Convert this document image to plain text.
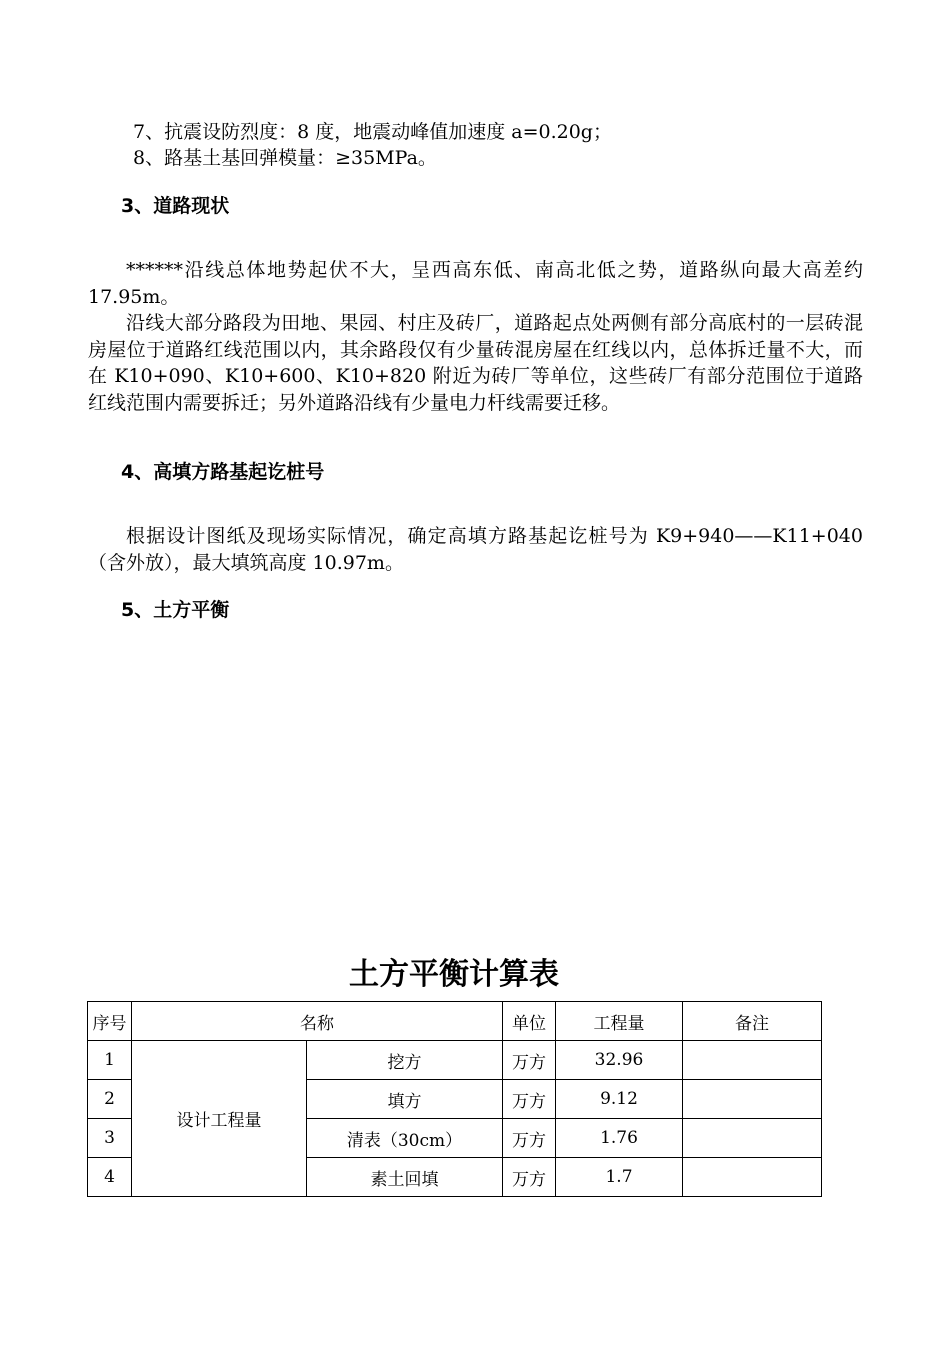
7、抗震设防烈度：8 度，地震动峰值加速度 a=0.20g；
8、路基土基回弹模量：≥35MPa。
3、道路现状
******沿线总体地势起伏不大，呈西高东低、南高北低之势，道路纵向最大高差约 17.95m。
沿线大部分路段为田地、果园、村庄及砖厂，道路起点处两侧有部分高底村的一层砖混房屋位于道路红线范围以内，其余路段仅有少量砖混房屋在红线以内，总体拆迁量不大，而在 K10+090、K10+600、K10+820 附近为砖厂等单位，这些砖厂有部分范围位于道路红线范围内需要拆迁；另外道路沿线有少量电力杆线需要迁移。
4、高填方路基起讫桩号
根据设计图纸及现场实际情况，确定高填方路基起讫桩号为 K9+940——K11+040（含外放），最大填筑高度 10.97m。
5、土方平衡
土方平衡计算表
序号	名称		单位	工程量	备注
1	设计工程量	挖方	万方	32.96	
2		填方	万方	9.12	
3		清表（30cm）	万方	1.76	
4		素土回填	万方	1.7	
